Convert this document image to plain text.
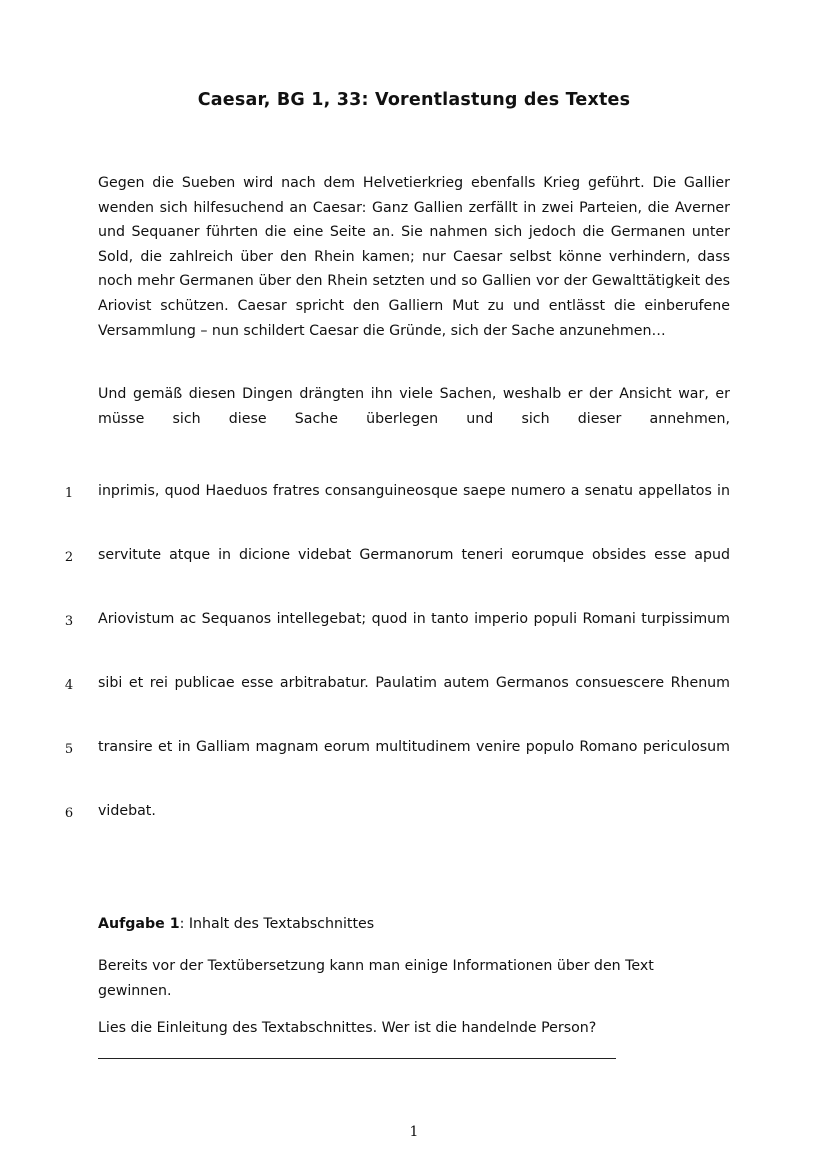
Caesar, BG 1, 33: Vorentlastung des Textes

Gegen die Sueben wird nach dem Helvetierkrieg ebenfalls Krieg geführt. Die Gallier wenden sich hilfesuchend an Caesar: Ganz Gallien zerfällt in zwei Parteien, die Averner und Sequaner führten die eine Seite an. Sie nahmen sich jedoch die Germanen unter Sold, die zahlreich über den Rhein kamen; nur Caesar selbst könne verhindern, dass noch mehr Germanen über den Rhein setzten und so Gallien vor der Gewalttätigkeit des Ariovist schützen. Caesar spricht den Galliern Mut zu und entlässt die einberufene Versammlung – nun schildert Caesar die Gründe, sich der Sache anzunehmen…

Und gemäß diesen Dingen drängten ihn viele Sachen, weshalb er der Ansicht war, er müsse sich diese Sache überlegen und sich dieser annehmen,

1	inprimis, quod Haeduos fratres consanguineosque saepe numero a senatu appellatos in
2	servitute atque in dicione videbat Germanorum teneri eorumque obsides esse apud
3	Ariovistum ac Sequanos intellegebat; quod in tanto imperio populi Romani turpissimum
4	sibi et rei publicae esse arbitrabatur. Paulatim autem Germanos consuescere Rhenum
5	transire et in Galliam magnam eorum multitudinem venire populo Romano periculosum
6	videbat.

Aufgabe 1: Inhalt des Textabschnittes

Bereits vor der Textübersetzung kann man einige Informationen über den Text gewinnen.

Lies die Einleitung des Textabschnittes. Wer ist die handelnde Person?

1
